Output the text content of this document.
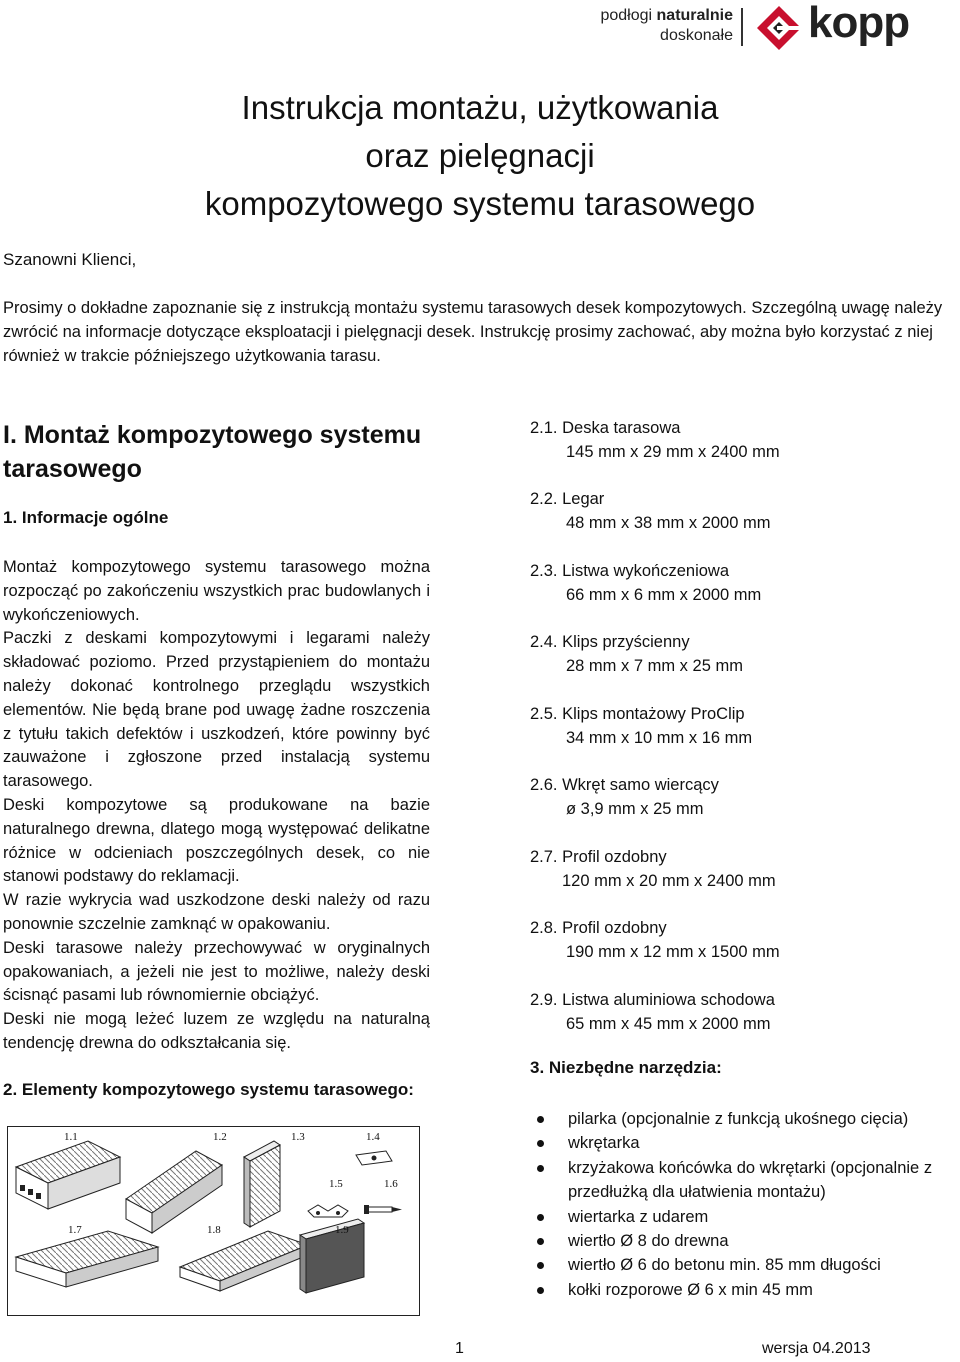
podłogi naturalnie
doskonałe kopp
Instrukcja montażu, użytkowania
oraz pielęgnacji
kompozytowego systemu tarasowego
Szanowni Klienci,
Prosimy o dokładne zapoznanie się z instrukcją montażu systemu tarasowych desek kompozytowych. Szczególną uwagę należy zwrócić na informacje dotyczące eksploatacji i pielęgnacji desek. Instrukcję prosimy zachować, aby można było korzystać z niej również w trakcie późniejszego użytkowania tarasu.
I. Montaż kompozytowego systemu tarasowego
1. Informacje ogólne

Montaż kompozytowego systemu tarasowego można rozpocząć po zakończeniu wszystkich prac budowlanych i wykończeniowych.

Paczki z deskami kompozytowymi i legarami należy składować poziomo. Przed przystąpieniem do montażu należy dokonać kontrolnego przeglądu wszystkich elementów. Nie będą brane pod uwagę żadne roszczenia z tytułu takich defektów i uszkodzeń, które powinny być zauważone i zgłoszone przed instalacją systemu tarasowego.

Deski kompozytowe są produkowane na bazie naturalnego drewna, dlatego mogą występować delikatne różnice w odcieniach poszczególnych desek, co nie stanowi podstawy do reklamacji.

W razie wykrycia wad uszkodzone deski należy od razu ponownie szczelnie zamknąć w opakowaniu.

Deski tarasowe należy przechowywać w oryginalnych opakowaniach, a jeżeli nie jest to możliwe, należy deski ścisnąć pasami lub równomiernie obciążyć.

Deski nie mogą leżeć luzem ze względu na naturalną tendencję drewna do odkształcania się.

2. Elementy kompozytowego systemu tarasowego:
1.1	1.2	1.3	1.4
1.5	1.6
1.7	1.8	1.9
2.1. Deska tarasowa
145 mm x 29 mm x 2400 mm
2.2. Legar
48 mm x 38 mm x 2000 mm
2.3. Listwa wykończeniowa
66 mm x 6 mm x 2000 mm
2.4. Klips przyścienny
28 mm x 7 mm x 25 mm
2.5. Klips montażowy ProClip
34 mm x 10 mm x 16 mm
2.6. Wkręt samo wiercący
ø 3,9 mm x 25 mm
2.7. Profil ozdobny
120 mm x 20 mm x 2400 mm
2.8. Profil ozdobny
190 mm x 12 mm x 1500 mm
2.9. Listwa aluminiowa schodowa
65 mm x 45 mm x 2000 mm
3. Niezbędne narzędzia:
pilarka (opcjonalnie z funkcją ukośnego cięcia)
wkrętarka
krzyżakowa końcówka do wkrętarki (opcjonalnie z przedłużką dla ułatwienia montażu)
wiertarka z udarem
wiertło Ø 8 do drewna
wiertło Ø 6 do betonu min. 85 mm długości
kołki rozporowe Ø 6 x min 45 mm
1	wersja 04.2013
